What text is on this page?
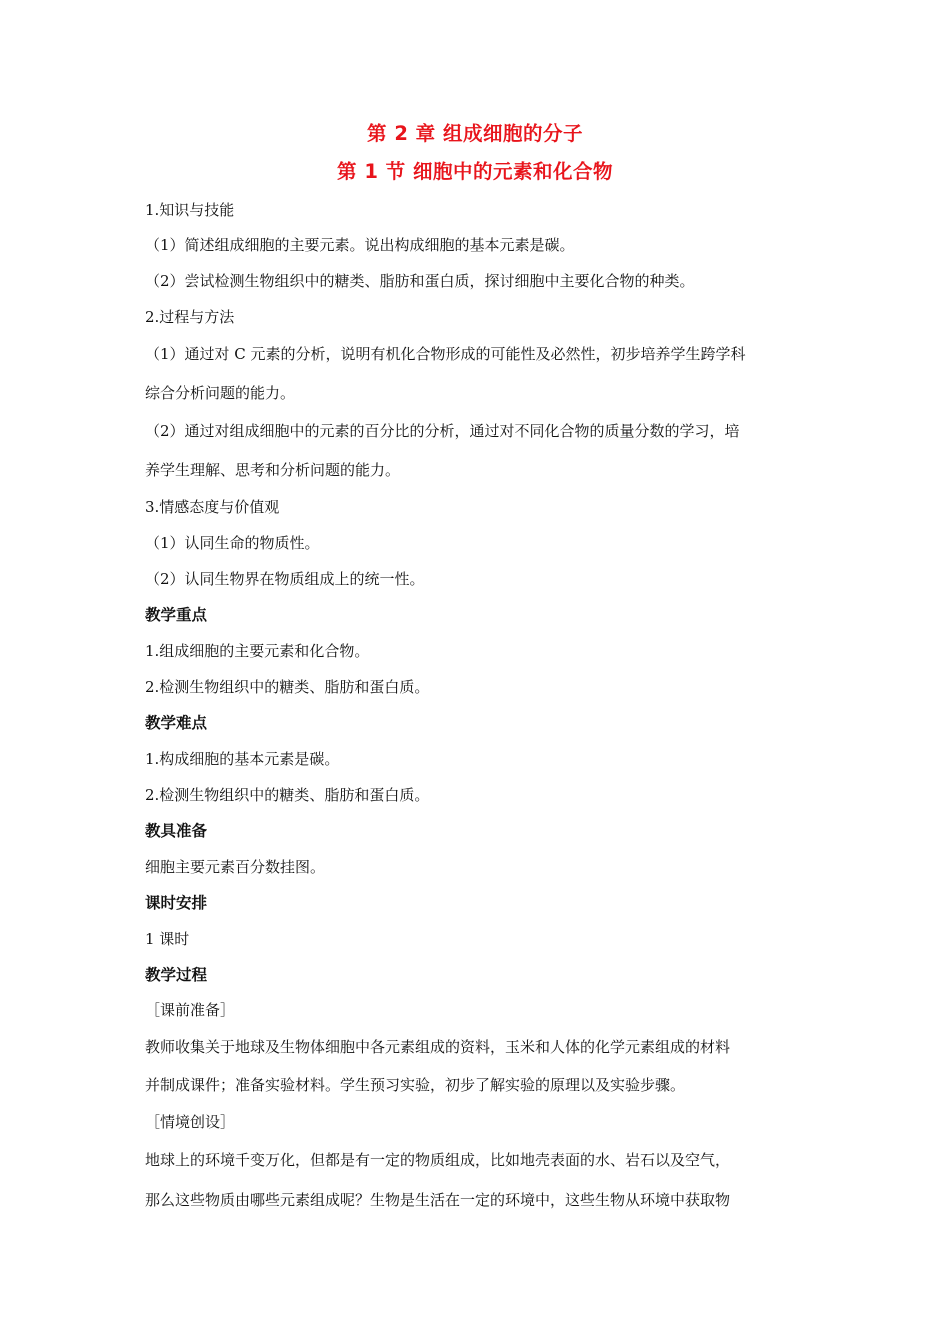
第 2 章 组成细胞的分子
第 1 节 细胞中的元素和化合物
1.知识与技能
（1）简述组成细胞的主要元素。说出构成细胞的基本元素是碳。
（2）尝试检测生物组织中的糖类、脂肪和蛋白质，探讨细胞中主要化合物的种类。
2.过程与方法
（1）通过对 C 元素的分析，说明有机化合物形成的可能性及必然性，初步培养学生跨学科
综合分析问题的能力。
（2）通过对组成细胞中的元素的百分比的分析，通过对不同化合物的质量分数的学习，培
养学生理解、思考和分析问题的能力。
3.情感态度与价值观
（1）认同生命的物质性。
（2）认同生物界在物质组成上的统一性。
教学重点
1.组成细胞的主要元素和化合物。
2.检测生物组织中的糖类、脂肪和蛋白质。
教学难点
1.构成细胞的基本元素是碳。
2.检测生物组织中的糖类、脂肪和蛋白质。
教具准备
细胞主要元素百分数挂图。
课时安排
1 课时
教学过程
［课前准备］
教师收集关于地球及生物体细胞中各元素组成的资料，玉米和人体的化学元素组成的材料
并制成课件；准备实验材料。学生预习实验，初步了解实验的原理以及实验步骤。
［情境创设］
地球上的环境千变万化，但都是有一定的物质组成，比如地壳表面的水、岩石以及空气，
那么这些物质由哪些元素组成呢？生物是生活在一定的环境中，这些生物从环境中获取物
